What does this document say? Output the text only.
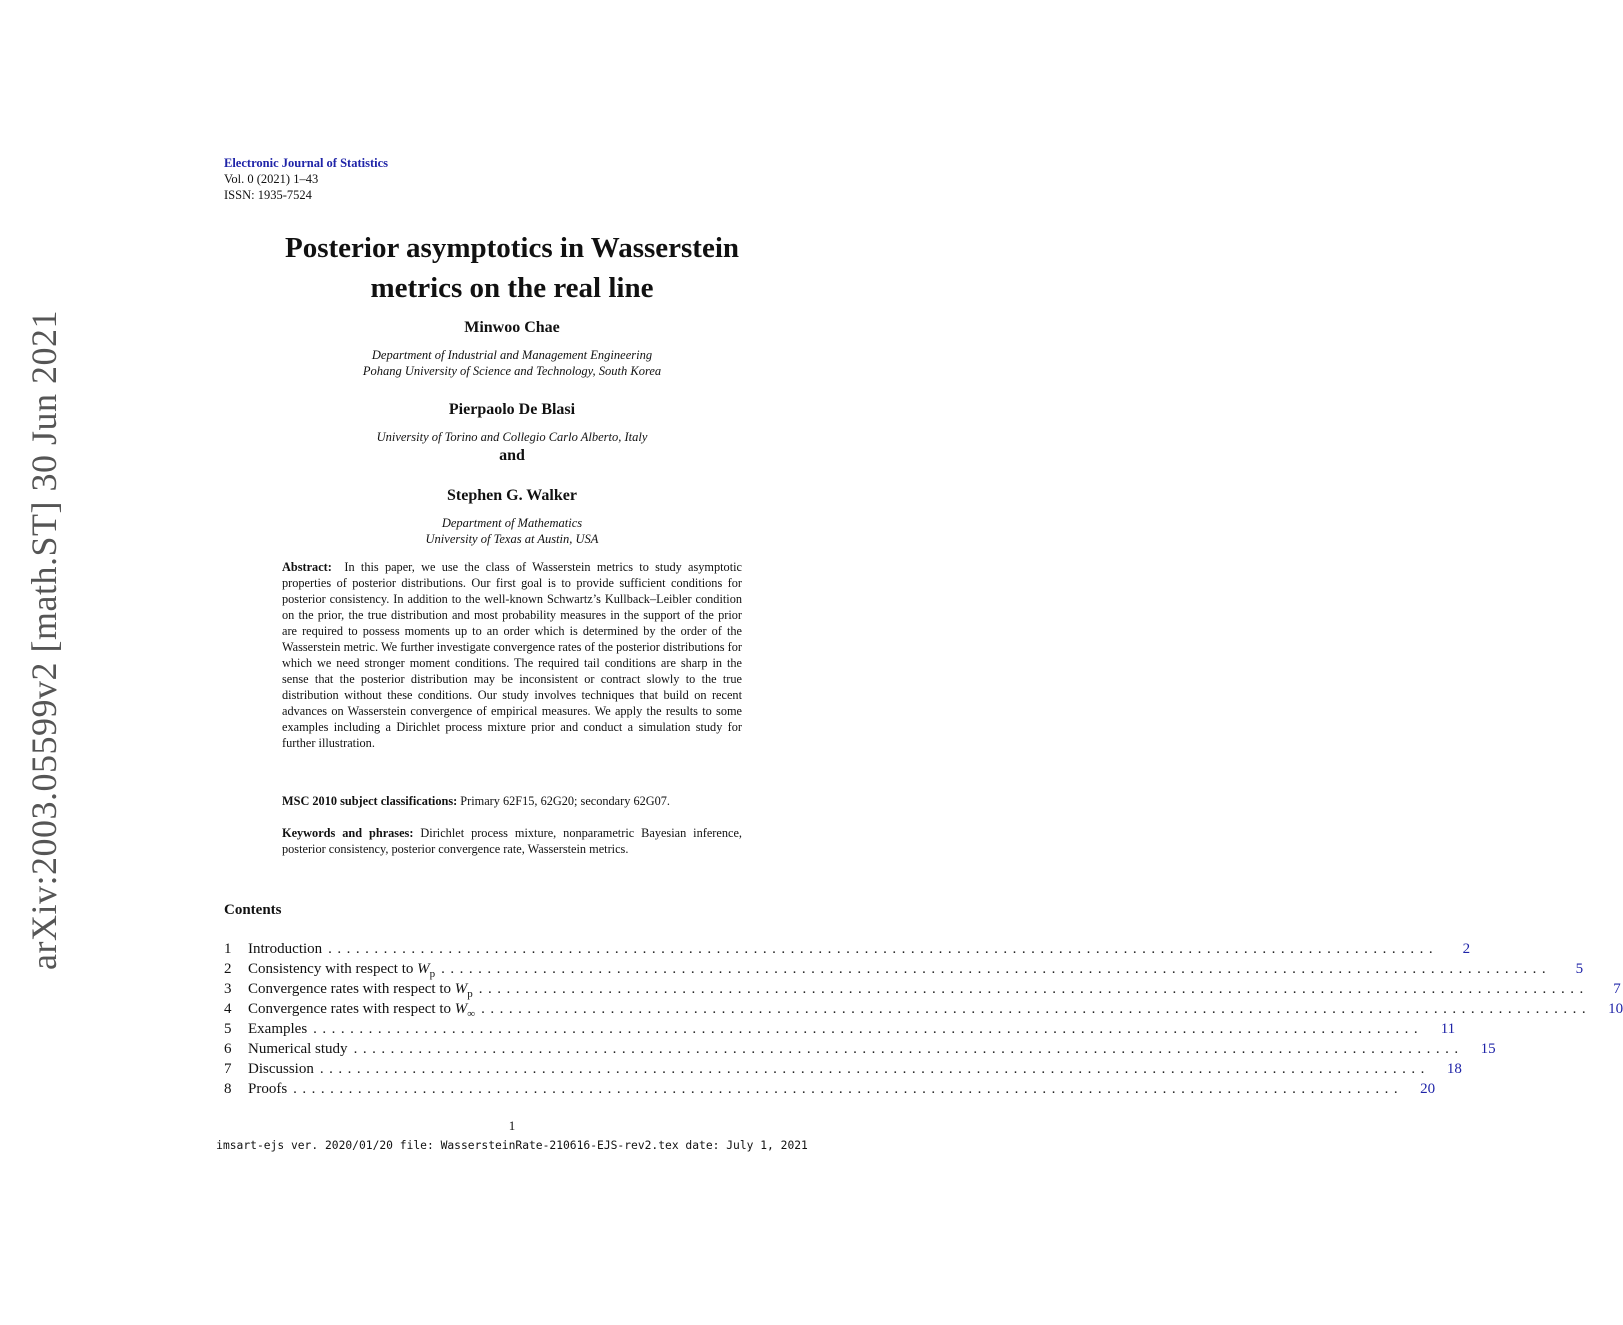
arXiv:2003.05599v2 [math.ST] 30 Jun 2021
Electronic Journal of Statistics
Vol. 0 (2021) 1–43
ISSN: 1935-7524
Posterior asymptotics in Wasserstein
metrics on the real line
Minwoo Chae
Department of Industrial and Management Engineering
Pohang University of Science and Technology, South Korea
Pierpaolo De Blasi
University of Torino and Collegio Carlo Alberto, Italy
and
Stephen G. Walker
Department of Mathematics
University of Texas at Austin, USA
Abstract: In this paper, we use the class of Wasserstein metrics to study asymptotic properties of posterior distributions. Our first goal is to provide sufficient conditions for posterior consistency. In addition to the well-known Schwartz’s Kullback–Leibler condition on the prior, the true distribution and most probability measures in the support of the prior are required to possess moments up to an order which is determined by the order of the Wasserstein metric. We further investigate convergence rates of the posterior distributions for which we need stronger moment conditions. The required tail conditions are sharp in the sense that the posterior distribution may be inconsistent or contract slowly to the true distribution without these conditions. Our study involves techniques that build on recent advances on Wasserstein convergence of empirical measures. We apply the results to some examples including a Dirichlet process mixture prior and conduct a simulation study for further illustration.
MSC 2010 subject classifications: Primary 62F15, 62G20; secondary 62G07.
Keywords and phrases: Dirichlet process mixture, nonparametric Bayesian inference, posterior consistency, posterior convergence rate, Wasserstein metrics.
Contents
1	Introduction ........................................................................................................................	2
2	Consistency with respect to $W_p$ ........................................................................................................................	5
3	Convergence rates with respect to $W_p$ ........................................................................................................................	7
4	Convergence rates with respect to $W_\infty$ ........................................................................................................................	10
5	Examples ........................................................................................................................	11
6	Numerical study ........................................................................................................................	15
7	Discussion ........................................................................................................................	18
8	Proofs ........................................................................................................................	20
1
imsart-ejs ver. 2020/01/20 file: WassersteinRate-210616-EJS-rev2.tex date: July 1, 2021
